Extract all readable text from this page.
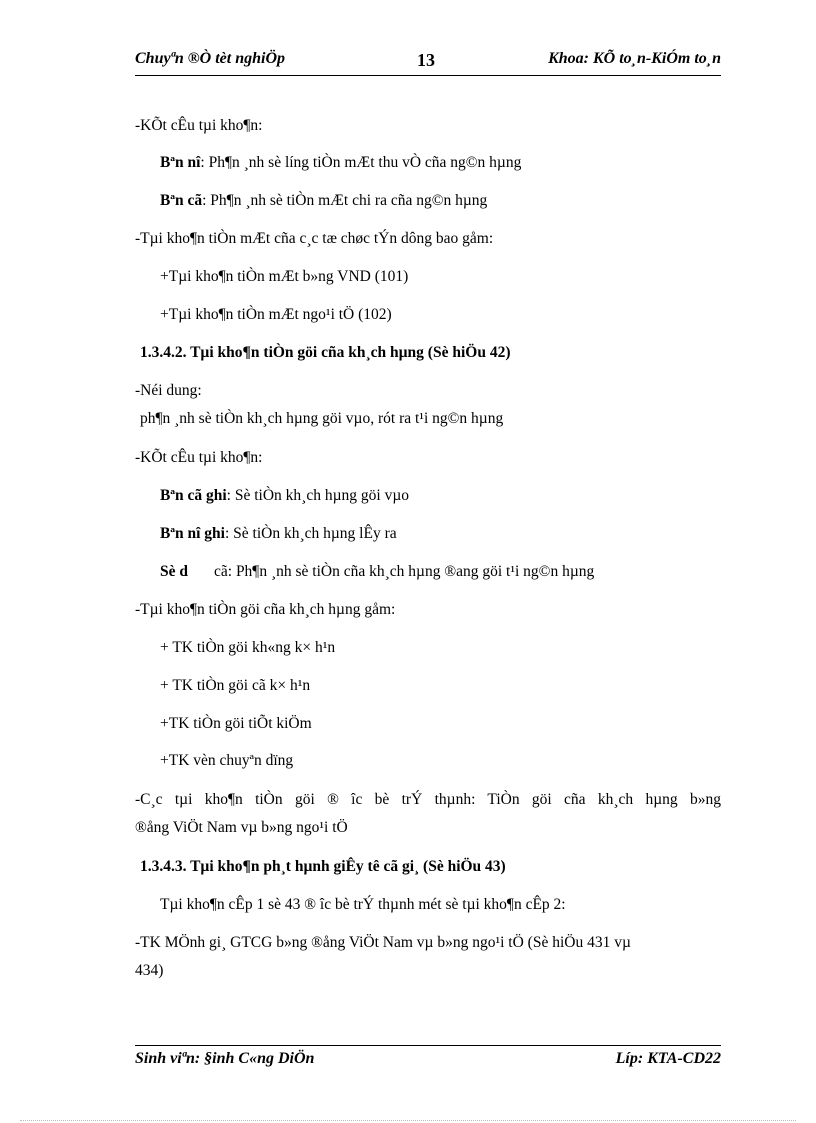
Chuyªn ®Ò tèt nghiÖp	13	Khoa: KÕ to¸n-KiÓm to¸n
-KÕt cÊu tµi kho¶n:
Bªn nî: Ph¶n ¸nh sè líng tiÒn mÆt thu vÒ cña ng©n hµng
Bªn cã: Ph¶n ¸nh sè tiÒn mÆt chi ra cña ng©n hµng
-Tµi kho¶n tiÒn mÆt cña c¸c tæ chøc tÝn dông bao gåm:
+Tµi kho¶n tiÒn mÆt b»ng VND (101)
+Tµi kho¶n tiÒn mÆt ngo¹i tÖ (102)
1.3.4.2. Tµi kho¶n tiÒn göi cña kh¸ch hµng (Sè hiÖu 42)
-Néi dung:
ph¶n ¸nh sè tiÒn kh¸ch hµng göi vµo, rót ra t¹i ng©n hµng
-KÕt cÊu tµi kho¶n:
Bªn cã ghi: Sè tiÒn kh¸ch hµng göi vµo
Bªn nî ghi: Sè tiÒn kh¸ch hµng lÊy ra
Sè d cã: Ph¶n ¸nh sè tiÒn cña kh¸ch hµng ®ang göi t¹i ng©n hµng
-Tµi kho¶n tiÒn göi cña kh¸ch hµng gåm:
+ TK tiÒn göi kh«ng k× h¹n
+ TK tiÒn göi cã k× h¹n
+TK tiÒn göi tiÕt kiÖm
+TK vèn chuyªn dïng
-C¸c tµi kho¶n tiÒn göi ® îc bè trÝ thµnh: TiÒn göi cña kh¸ch hµng b»ng
®ång ViÖt Nam vµ b»ng ngo¹i tÖ
1.3.4.3. Tµi kho¶n ph¸t hµnh giÊy tê cã gi¸ (Sè hiÖu 43)
Tµi kho¶n cÊp 1 sè 43 ® îc bè trÝ thµnh mét sè tµi kho¶n cÊp 2:
-TK MÖnh gi¸ GTCG b»ng ®ång ViÖt Nam vµ b»ng ngo¹i tÖ (Sè hiÖu 431 vµ
434)
Sinh viªn: §inh C«ng DiÖn	Líp: KTA-CD22
